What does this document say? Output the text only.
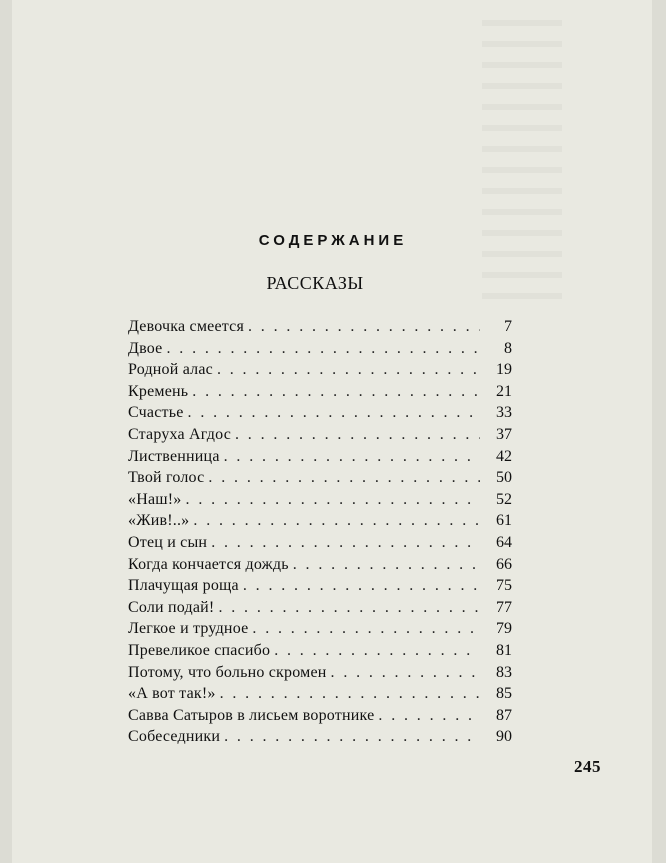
СОДЕРЖАНИЕ
РАССКАЗЫ
Девочка смеется . . .	7
Двое . . .	8
Родной алас . . .	19
Кремень . . .	21
Счастье . . .	33
Старуха Агдос . . .	37
Лиственница . . .	42
Твой голос . . .	50
«Наш!» . . .	52
«Жив!..» . . .	61
Отец и сын . . .	64
Когда кончается дождь . . .	66
Плачущая роща . . .	75
Соли подай! . . .	77
Легкое и трудное . . .	79
Превеликое спасибо . . .	81
Потому, что больно скромен . . .	83
«А вот так!» . . .	85
Савва Сатыров в лисьем воротнике . . .	87
Собеседники . . .	90
245
